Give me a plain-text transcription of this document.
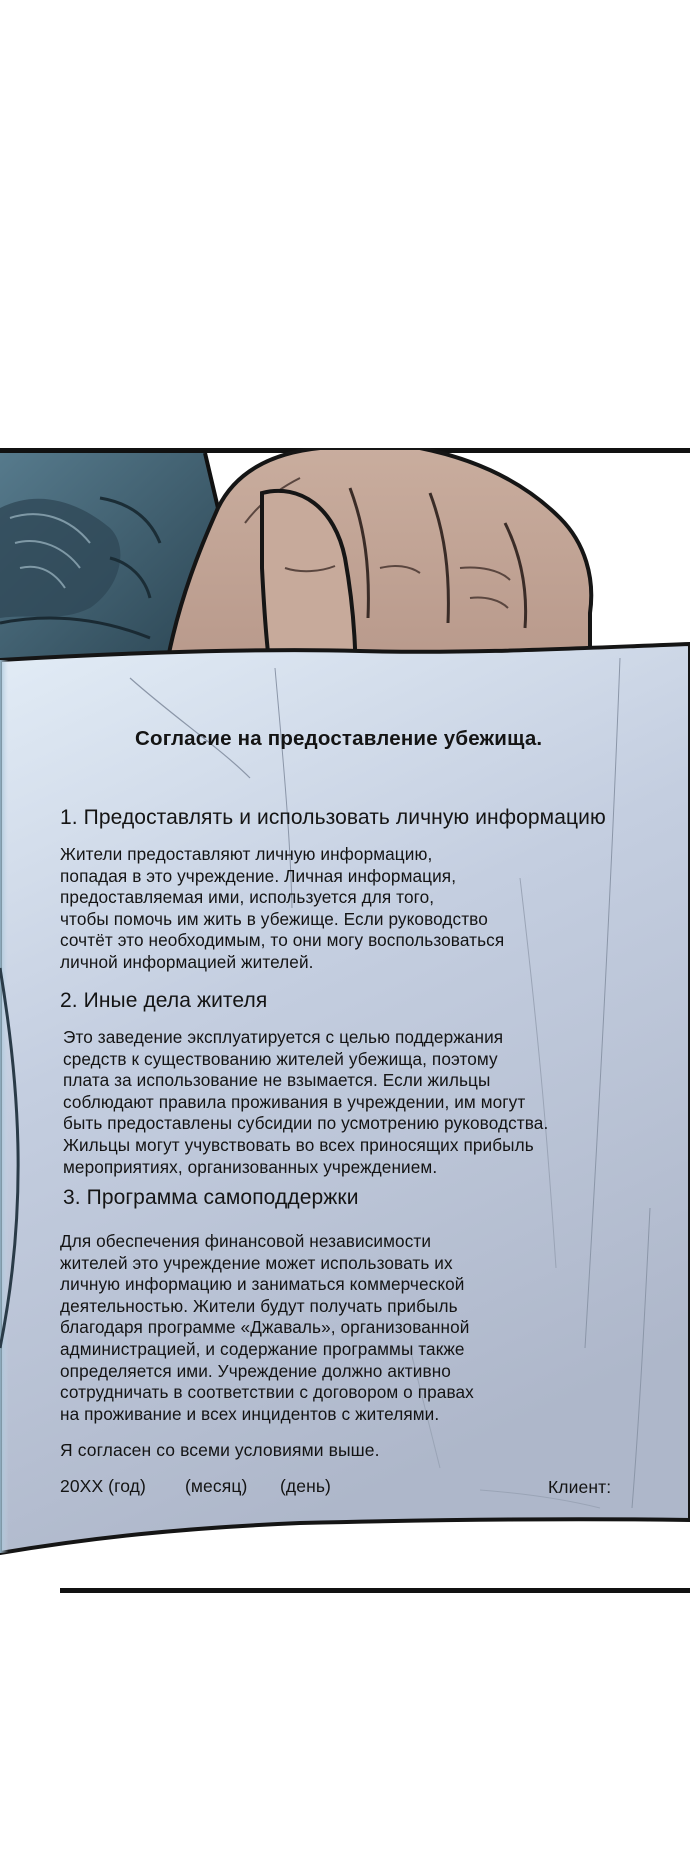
Согласие на предоставление убежища.

1. Предоставлять и использовать личную информацию

Жители предоставляют личную информацию,
попадая в это учреждение. Личная информация,
предоставляемая ими, используется для того,
чтобы помочь им жить в убежище. Если руководство
сочтёт это необходимым, то они могу воспользоваться
личной информацией жителей.

2. Иные дела жителя

Это заведение эксплуатируется с целью поддержания
средств к существованию жителей убежища, поэтому
плата за использование не взымается. Если жильцы
соблюдают правила проживания в учреждении, им могут
быть предоставлены субсидии по усмотрению руководства.
Жильцы могут учувствовать во всех приносящих прибыль
мероприятиях, организованных учреждением.

3. Программа самоподдержки

Для обеспечения финансовой независимости
жителей это учреждение может использовать их
личную информацию и заниматься коммерческой
деятельностью. Жители будут получать прибыль
благодаря программе «Джаваль», организованной
администрацией, и содержание программы также
определяется ими. Учреждение должно активно
сотрудничать в соответствии с договором о правах
на проживание и всех инцидентов с жителями.

Я согласен со всеми условиями выше.

20XX (год) (месяц) (день)	Клиент:
